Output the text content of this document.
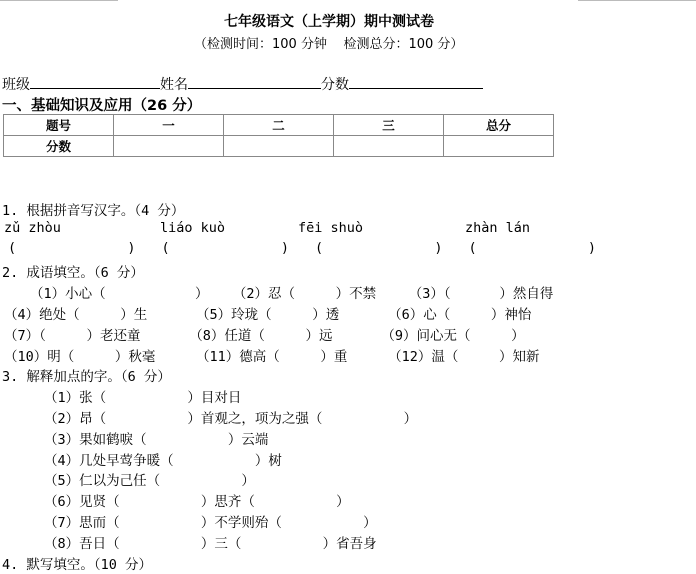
七年级语文（上学期）期中测试卷
（检测时间：100 分钟    检测总分：100 分）
班级	姓名	分数
一、基础知识及应用（26 分）
题号	一	二	三	总分
分数				
1. 根据拼音写汉字。（4 分）
zǔ zhòu	liáo kuò	fēi shuò	zhàn lán
(             )   (             )   (             )   (             )
2. 成语填空。（6 分）
（1）小心（           ）   （2）忍（     ）不禁    （3）（      ）然自得
（4）绝处（     ）生      （5）玲珑（     ）透      （6）心（     ）神怡
（7）（     ）老还童      （8）任道（     ）远      （9）问心无（     ）
（10）明（     ）秋毫     （11）德高（     ）重     （12）温（     ）知新
3. 解释加点的字。（6 分）
（1）张（          ）目对日
（2）昂（          ）首观之，项为之强（          ）
（3）果如鹤唳（          ）云端
（4）几处早莺争暖（          ）树
（5）仁以为己任（          ）
（6）见贤（          ）思齐（          ）
（7）思而（          ）不学则殆（          ）
（8）吾日（          ）三（          ）省吾身
4. 默写填空。（10 分）
